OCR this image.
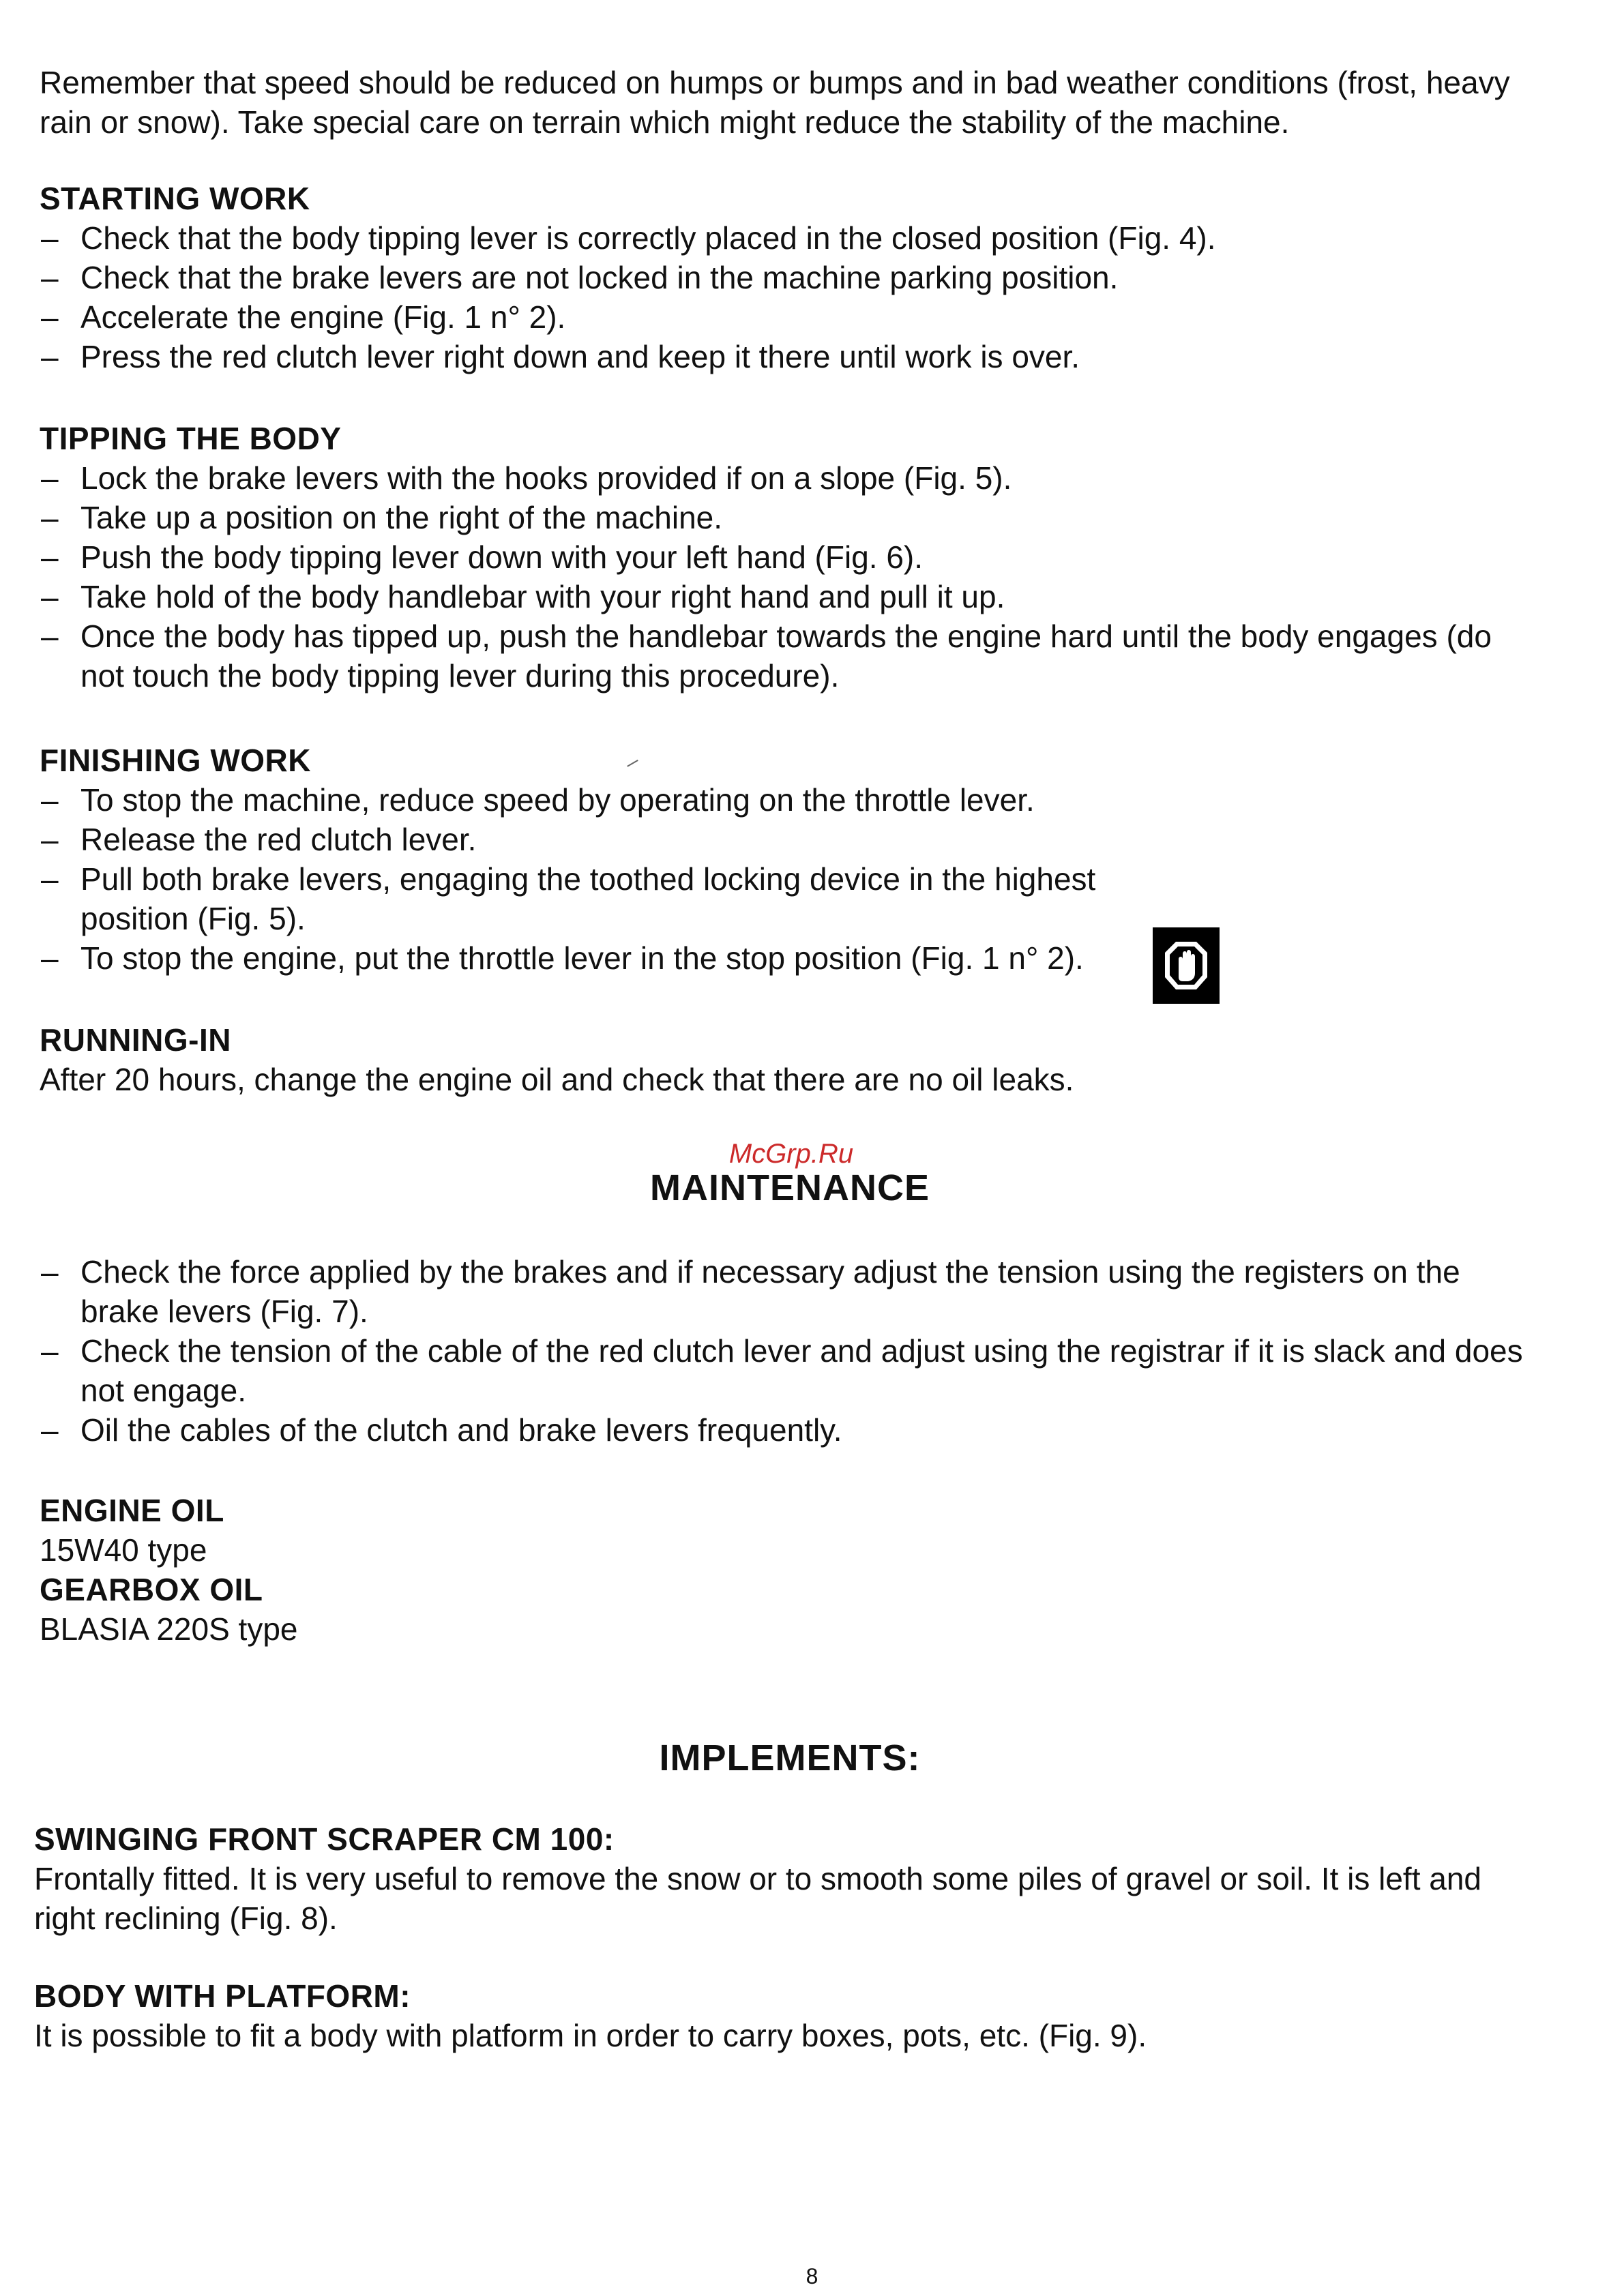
Remember that speed should be reduced on humps or bumps and in bad weather conditions (frost, heavy rain or snow). Take special care on terrain which might reduce the stability of the machine.

STARTING WORK
– Check that the body tipping lever is correctly placed in the closed position (Fig. 4).
– Check that the brake levers are not locked in the machine parking position.
– Accelerate the engine (Fig. 1 n° 2).
– Press the red clutch lever right down and keep it there until work is over.
TIPPING THE BODY
– Lock the brake levers with the hooks provided if on a slope (Fig. 5).
– Take up a position on the right of the machine.
– Push the body tipping lever down with your left hand (Fig. 6).
– Take hold of the body handlebar with your right hand and pull it up.
– Once the body has tipped up, push the handlebar towards the engine hard until the body engages (do not touch the body tipping lever during this procedure).
FINISHING WORK
– To stop the machine, reduce speed by operating on the throttle lever.
– Release the red clutch lever.
– Pull both brake levers, engaging the toothed locking device in the highest position (Fig. 5).
– To stop the engine, put the throttle lever in the stop position (Fig. 1 n° 2).
RUNNING-IN

After 20 hours, change the engine oil and check that there are no oil leaks.

McGrp.Ru
MAINTENANCE
– Check the force applied by the brakes and if necessary adjust the tension using the registers on the brake levers (Fig. 7).
– Check the tension of the cable of the red clutch lever and adjust using the registrar if it is slack and does not engage.
– Oil the cables of the clutch and brake levers frequently.
ENGINE OIL

15W40 type

GEARBOX OIL

BLASIA 220S type

IMPLEMENTS:
SWINGING FRONT SCRAPER CM 100:

Frontally fitted. It is very useful to remove the snow or to smooth some piles of gravel or soil. It is left and right reclining (Fig. 8).

BODY WITH PLATFORM:

It is possible to fit a body with platform in order to carry boxes, pots, etc. (Fig. 9).

8
